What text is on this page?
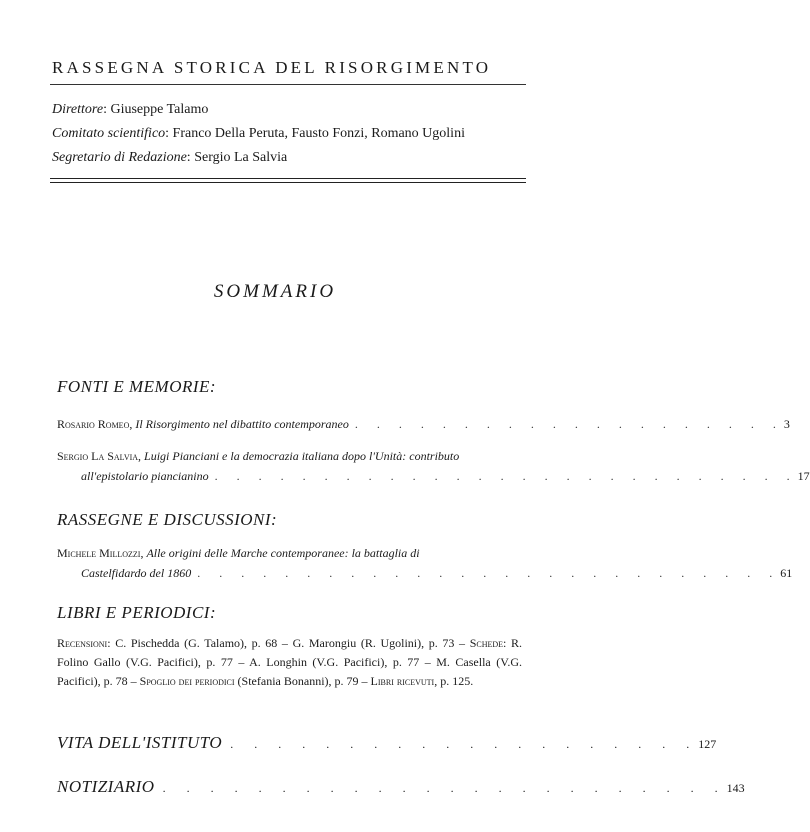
RASSEGNA STORICA DEL RISORGIMENTO
Direttore: Giuseppe Talamo
Comitato scientifico: Franco Della Peruta, Fausto Fonzi, Romano Ugolini
Segretario di Redazione: Sergio La Salvia
SOMMARIO
FONTI E MEMORIE:
Rosario Romeo, Il Risorgimento nel dibattito contemporaneo . . . . . . . . . . . . . . . . . . . . 3
Sergio La Salvia, Luigi Pianciani e la democrazia italiana dopo l'Unità: contributo
all'epistolario piancianino . . . . . . . . . . . . . . . . . . . . . . . . . . . 17
RASSEGNE E DISCUSSIONI:
Michele Millozzi, Alle origini delle Marche contemporanee: la battaglia di
Castelfidardo del 1860 . . . . . . . . . . . . . . . . . . . . . . . . . . . 61
LIBRI E PERIODICI:
Recensioni: C. Pischedda (G. Talamo), p. 68 – G. Marongiu (R. Ugolini), p. 73 – Schede: R. Folino Gallo (V.G. Pacifici), p. 77 – A. Longhin (V.G. Pacifici), p. 77 – M. Casella (V.G. Pacifici), p. 78 – Spoglio dei periodici (Stefania Bonanni), p. 79 – Libri ricevuti, p. 125.
VITA DELL'ISTITUTO . . . . . . . . . . . . . . . . . . . . 127
NOTIZIARIO . . . . . . . . . . . . . . . . . . . . . . . . 143
